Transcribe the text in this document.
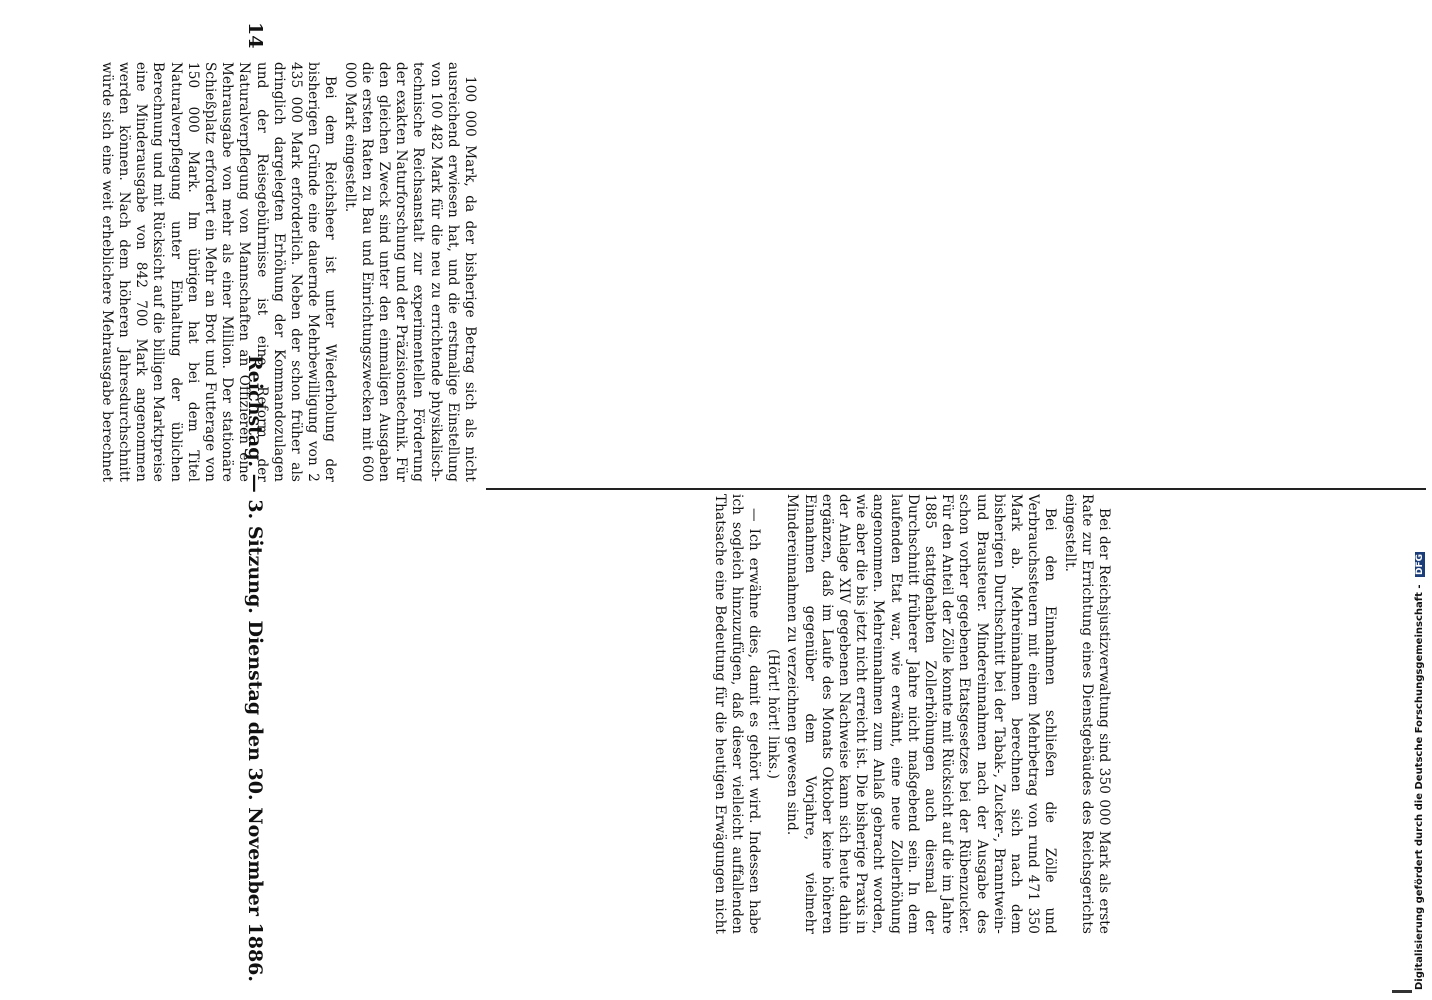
14
Reichstag. — 3. Sitzung. Dienstag den 30. November 1886.

100 000 Mark, da der bisherige Betrag sich als nicht ausreichend erwiesen hat, und die erstmalige Einstellung von 100 482 Mark für die neu zu errichtende physikalisch-technische Reichsanstalt zur experimentellen Förderung der exakten Naturforschung und der Präzisionstechnik. Für den gleichen Zweck sind unter den einmaligen Ausgaben die ersten Raten zu Bau und Einrichtungszwecken mit 600 000 Mark eingestellt.

Bei dem Reichsheer ist unter Wiederholung der bisherigen Gründe eine dauernde Mehrbewilligung von 2 435 000 Mark erforderlich. Neben der schon früher als dringlich dargelegten Erhöhung der Kommandozulagen und der Reisegebührnisse ist eine Reform der Naturalverpflegung von Mannschaften an Offizieren eine Mehrausgabe von mehr als einer Million. Der stationäre Schießplatz erfordert ein Mehr an Brot und Futterage von 150 000 Mark. Im übrigen hat bei dem Titel Naturalverpflegung unter Einhaltung der üblichen Berechnung und mit Rücksicht auf die billigen Marktpreise eine Minderausgabe von 842 700 Mark angenommen werden können. Nach dem höheren Jahresdurchschnitt würde sich eine weit erheblichere Mehrausgabe berechnet

Bei der Reichsjustizverwaltung sind 350 000 Mark als erste Rate zur Errichtung eines Dienstgebäudes des Reichsgerichts eingestellt.

Bei den Einnahmen schließen die Zölle und Verbrauchssteuern mit einem Mehrbetrag von rund 471 350 Mark ab. Mehreinnahmen berechnen sich nach dem bisherigen Durchschnitt bei der Tabak-, Zucker-, Branntwein- und Brausteuer. Mindereinnahmen nach der Ausgabe des schon vorher gegebenen Etatsgesetzes bei der Rübenzucker. Für den Anteil der Zölle konnte mit Rücksicht auf die im Jahre 1885 stattgehabten Zollerhöhungen auch diesmal der Durchschnitt früherer Jahre nicht maßgebend sein. In dem laufenden Etat war, wie erwähnt, eine neue Zollerhöhung angenommen. Mehreinnahmen zum Anlaß gebracht worden, wie aber die bis jetzt nicht erreicht ist. Die bisherige Praxis in der Anlage XIV gegebenen Nachweise kann sich heute dahin ergänzen, daß im Laufe des Monats Oktober keine höheren Einnahmen gegenüber dem Vorjahre, vielmehr Mindereinnahmen zu verzeichnen gewesen sind.

(Hört! hört! links.)

— Ich erwähne dies, damit es gehört wird. Indessen habe ich sogleich hinzuzufügen, daß dieser vielleicht auffallenden Thatsache eine Bedeutung für die heutigen Erwägungen nicht	Digitalisierung gefördert durch die Deutsche Forschungsgemeinschaft - DFG
